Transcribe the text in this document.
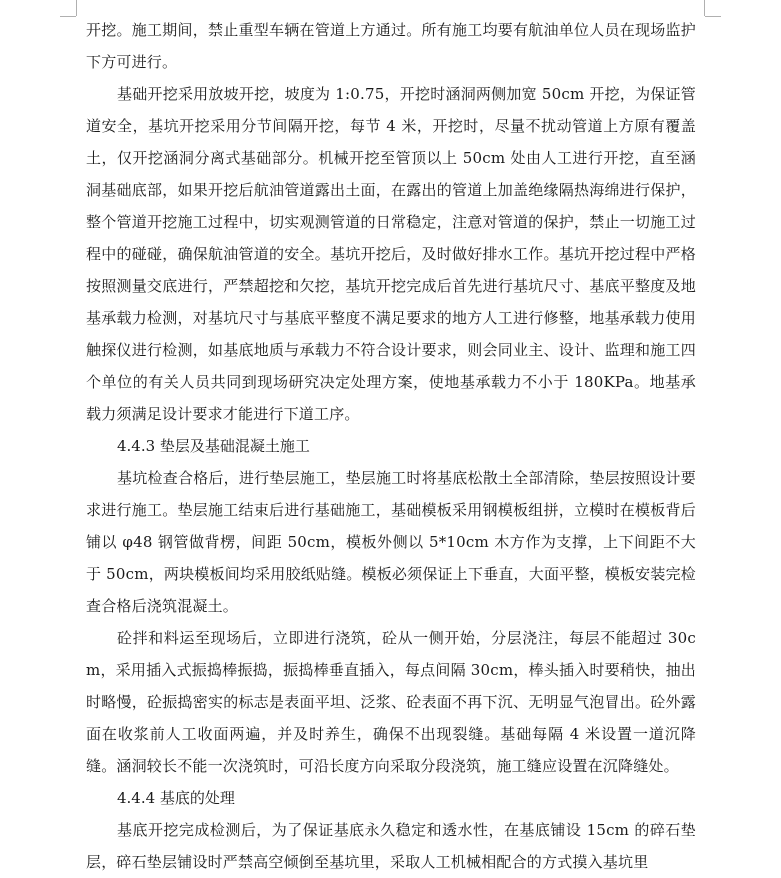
开挖。施工期间，禁止重型车辆在管道上方通过。所有施工均要有航油单位人员在现场监护下方可进行。

基础开挖采用放坡开挖，坡度为 1:0.75，开挖时涵洞两侧加宽 50cm 开挖，为保证管道安全，基坑开挖采用分节间隔开挖，每节 4 米，开挖时，尽量不扰动管道上方原有覆盖土，仅开挖涵洞分离式基础部分。机械开挖至管顶以上 50cm 处由人工进行开挖，直至涵洞基础底部，如果开挖后航油管道露出土面，在露出的管道上加盖绝缘隔热海绵进行保护，整个管道开挖施工过程中，切实观测管道的日常稳定，注意对管道的保护，禁止一切施工过程中的碰碰，确保航油管道的安全。基坑开挖后，及时做好排水工作。基坑开挖过程中严格按照测量交底进行，严禁超挖和欠挖，基坑开挖完成后首先进行基坑尺寸、基底平整度及地基承载力检测，对基坑尺寸与基底平整度不满足要求的地方人工进行修整，地基承载力使用触探仪进行检测，如基底地质与承载力不符合设计要求，则会同业主、设计、监理和施工四个单位的有关人员共同到现场研究决定处理方案，使地基承载力不小于 180KPa。地基承载力须满足设计要求才能进行下道工序。

4.4.3 垫层及基础混凝土施工

基坑检查合格后，进行垫层施工，垫层施工时将基底松散土全部清除，垫层按照设计要求进行施工。垫层施工结束后进行基础施工，基础模板采用钢模板组拼，立模时在模板背后铺以 φ48 钢管做背楞，间距 50cm，模板外侧以 5*10cm 木方作为支撑，上下间距不大于 50cm，两块模板间均采用胶纸贴缝。模板必须保证上下垂直，大面平整，模板安装完检查合格后浇筑混凝土。

砼拌和料运至现场后，立即进行浇筑，砼从一侧开始，分层浇注，每层不能超过 30cm，采用插入式振捣棒振捣，振捣棒垂直插入，每点间隔 30cm，棒头插入时要稍快，抽出时略慢，砼振捣密实的标志是表面平坦、泛浆、砼表面不再下沉、无明显气泡冒出。砼外露面在收浆前人工收面两遍，并及时养生，确保不出现裂缝。基础每隔 4 米设置一道沉降缝。涵洞较长不能一次浇筑时，可沿长度方向采取分段浇筑，施工缝应设置在沉降缝处。

4.4.4 基底的处理

基底开挖完成检测后，为了保证基底永久稳定和透水性，在基底铺设 15cm 的碎石垫层，碎石垫层铺设时严禁高空倾倒至基坑里，采取人工机械相配合的方式摸入基坑里
